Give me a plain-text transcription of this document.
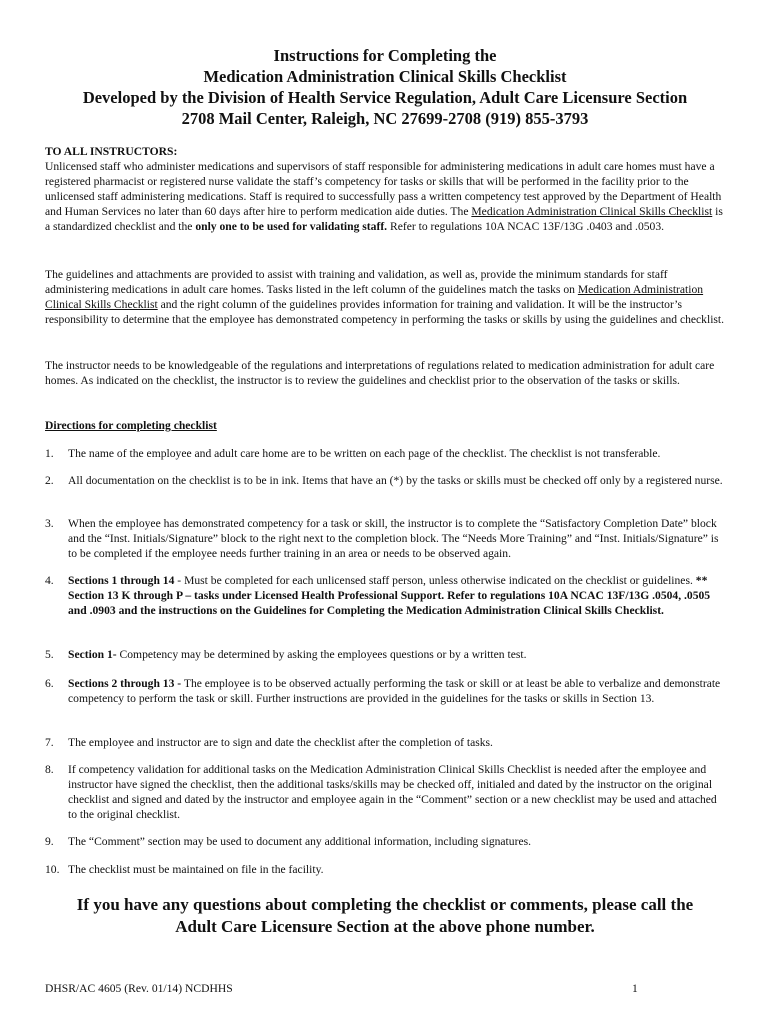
Instructions for Completing the
Medication Administration Clinical Skills Checklist
Developed by the Division of Health Service Regulation, Adult Care Licensure Section
2708 Mail Center, Raleigh, NC 27699-2708 (919) 855-3793
TO ALL INSTRUCTORS:
Unlicensed staff who administer medications and supervisors of staff responsible for administering medications in adult care homes must have a registered pharmacist or registered nurse validate the staff’s competency for tasks or skills that will be performed in the facility prior to the unlicensed staff administering medications. Staff is required to successfully pass a written competency test approved by the Department of Health and Human Services no later than 60 days after hire to perform medication aide duties. The Medication Administration Clinical Skills Checklist is a standardized checklist and the only one to be used for validating staff. Refer to regulations 10A NCAC 13F/13G .0403 and .0503.
The guidelines and attachments are provided to assist with training and validation, as well as, provide the minimum standards for staff administering medications in adult care homes. Tasks listed in the left column of the guidelines match the tasks on Medication Administration Clinical Skills Checklist and the right column of the guidelines provides information for training and validation. It will be the instructor’s responsibility to determine that the employee has demonstrated competency in performing the tasks or skills by using the guidelines and checklist.
The instructor needs to be knowledgeable of the regulations and interpretations of regulations related to medication administration for adult care homes. As indicated on the checklist, the instructor is to review the guidelines and checklist prior to the observation of the tasks or skills.
Directions for completing checklist
1. The name of the employee and adult care home are to be written on each page of the checklist. The checklist is not transferable.
2. All documentation on the checklist is to be in ink. Items that have an (*) by the tasks or skills must be checked off only by a registered nurse.
3. When the employee has demonstrated competency for a task or skill, the instructor is to complete the “Satisfactory Completion Date” block and the “Inst. Initials/Signature” block to the right next to the completion block. The “Needs More Training” and “Inst. Initials/Signature” is to be completed if the employee needs further training in an area or needs to be observed again.
4. Sections 1 through 14 - Must be completed for each unlicensed staff person, unless otherwise indicated on the checklist or guidelines. ** Section 13 K through P – tasks under Licensed Health Professional Support. Refer to regulations 10A NCAC 13F/13G .0504, .0505 and .0903 and the instructions on the Guidelines for Completing the Medication Administration Clinical Skills Checklist.
5. Section 1- Competency may be determined by asking the employees questions or by a written test.
6. Sections 2 through 13 - The employee is to be observed actually performing the task or skill or at least be able to verbalize and demonstrate competency to perform the task or skill. Further instructions are provided in the guidelines for the tasks or skills in Section 13.
7. The employee and instructor are to sign and date the checklist after the completion of tasks.
8. If competency validation for additional tasks on the Medication Administration Clinical Skills Checklist is needed after the employee and instructor have signed the checklist, then the additional tasks/skills may be checked off, initialed and dated by the instructor on the original checklist and signed and dated by the instructor and employee again in the “Comment” section or a new checklist may be used and attached to the original checklist.
9. The “Comment” section may be used to document any additional information, including signatures.
10. The checklist must be maintained on file in the facility.
If you have any questions about completing the checklist or comments, please call the
Adult Care Licensure Section at the above phone number.
DHSR/AC 4605 (Rev. 01/14) NCDHHS	1
